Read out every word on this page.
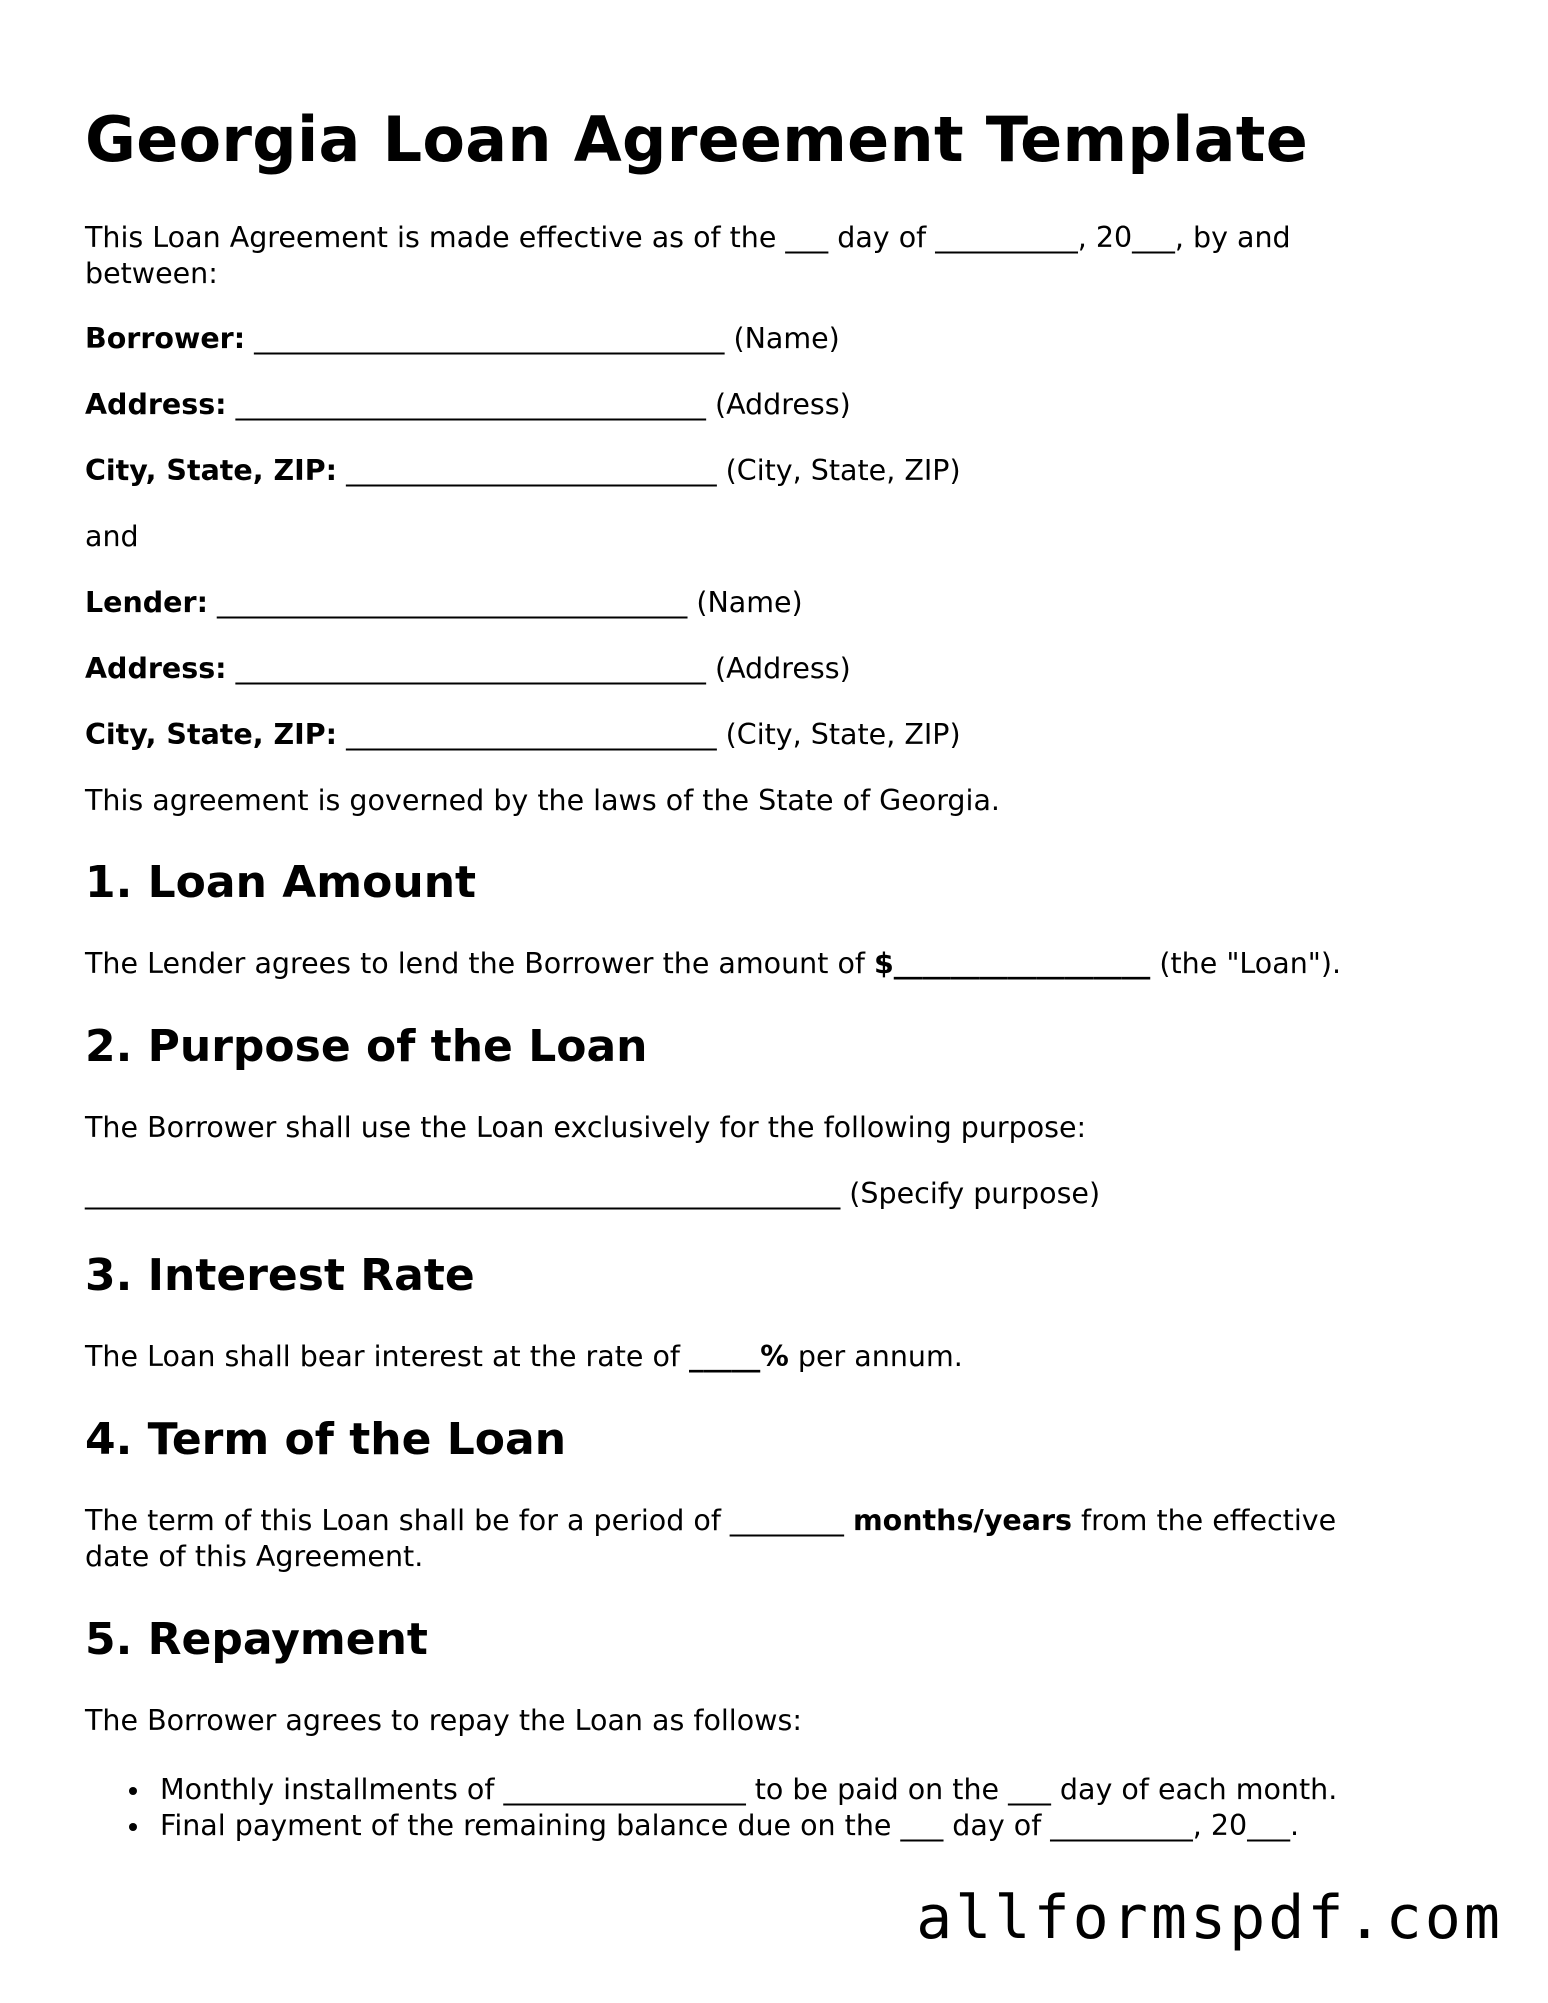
Georgia Loan Agreement Template
This Loan Agreement is made effective as of the ___ day of __________, 20___, by and
between:
Borrower: _________________________________ (Name)
Address: _________________________________ (Address)
City, State, ZIP: __________________________ (City, State, ZIP)
and
Lender: _________________________________ (Name)
Address: _________________________________ (Address)
City, State, ZIP: __________________________ (City, State, ZIP)
This agreement is governed by the laws of the State of Georgia.
1. Loan Amount
The Lender agrees to lend the Borrower the amount of $__________________ (the "Loan").
2. Purpose of the Loan
The Borrower shall use the Loan exclusively for the following purpose:
_____________________________________________________ (Specify purpose)
3. Interest Rate
The Loan shall bear interest at the rate of _____% per annum.
4. Term of the Loan
The term of this Loan shall be for a period of ________ months/years from the effective
date of this Agreement.
5. Repayment
The Borrower agrees to repay the Loan as follows:
Monthly installments of _________________ to be paid on the ___ day of each month.
Final payment of the remaining balance due on the ___ day of __________, 20___.
allformspdf.com
